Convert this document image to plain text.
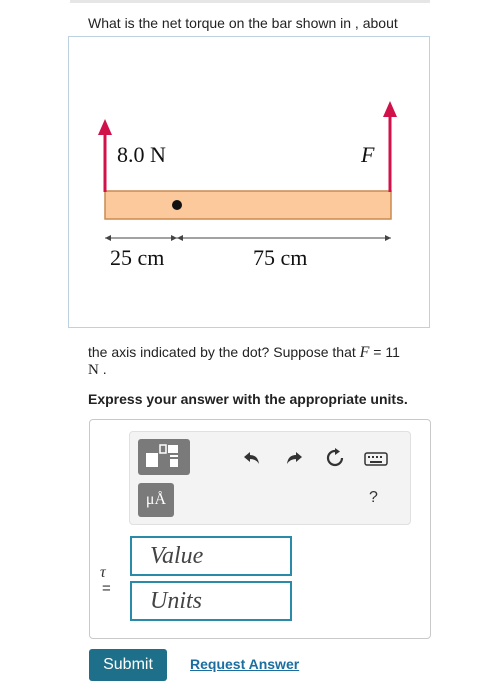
What is the net torque on the bar shown in , about
8.0 N	F
25 cm	75 cm
the axis indicated by the dot? Suppose that F = 11
N .
Express your answer with the appropriate units.
μÅ	?
τ
=
Value
Units
Submit	Request Answer
